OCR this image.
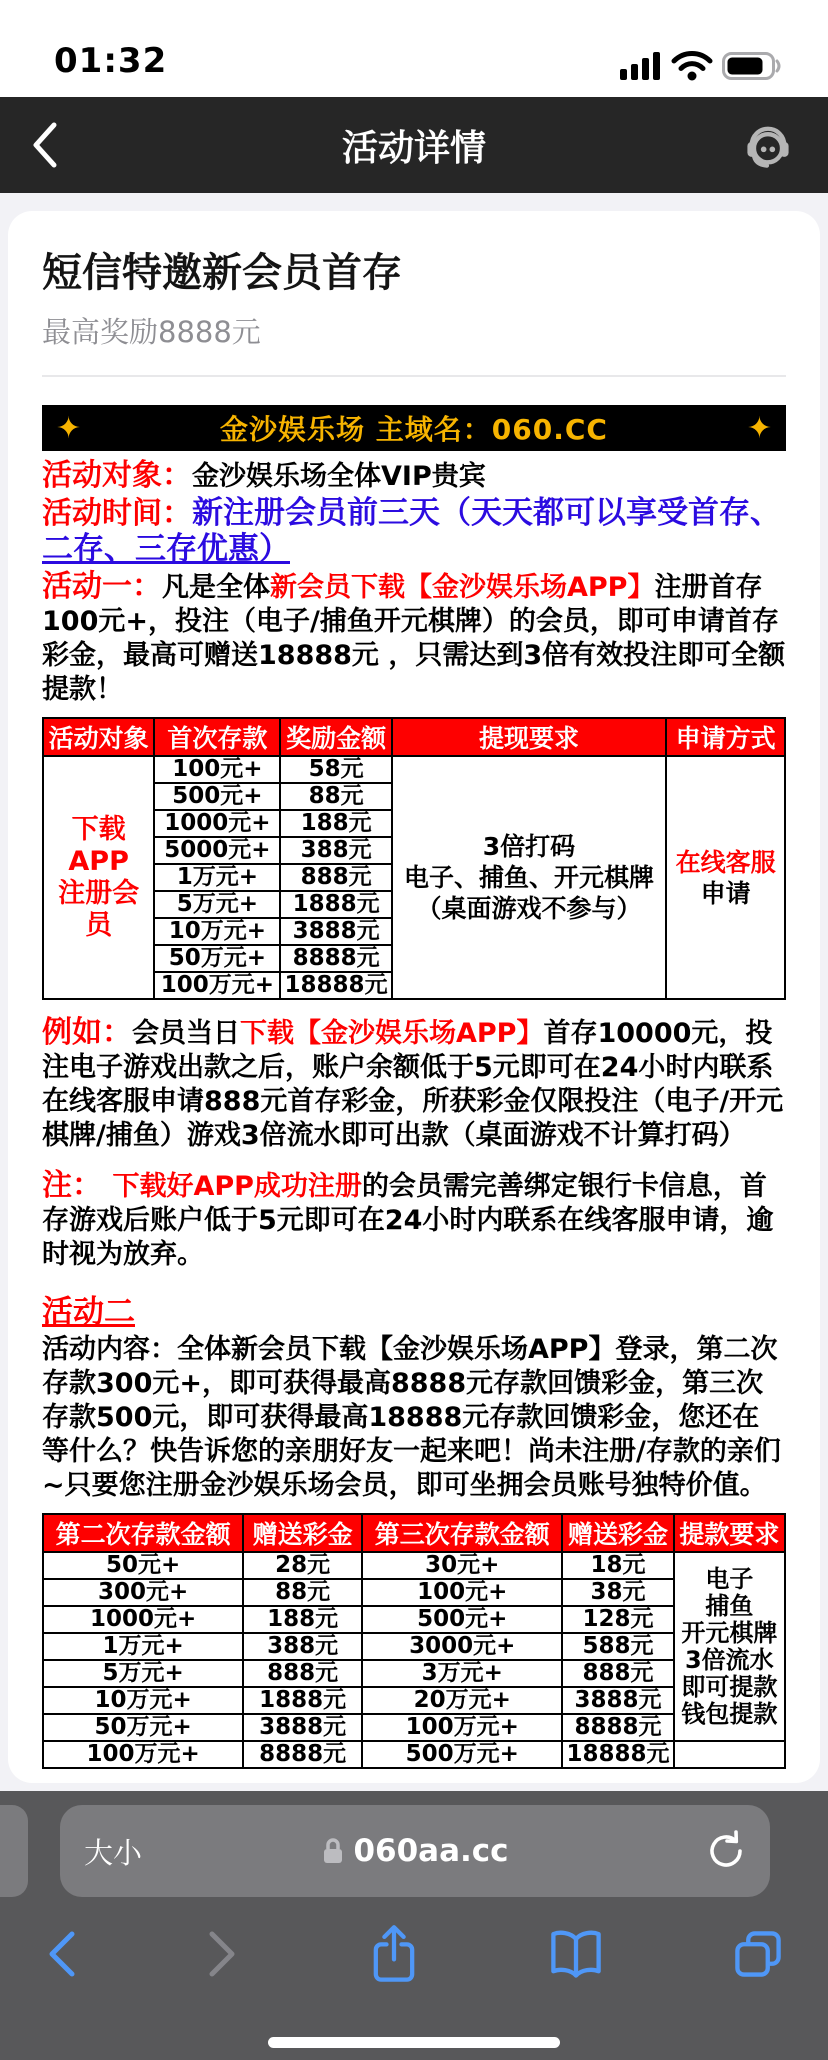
01:32
活动详情
短信特邀新会员首存
最高奖励8888元
✦	金沙娱乐场 主域名：060.CC	✦

活动对象：金沙娱乐场全体VIP贵宾

活动时间：新注册会员前三天（天天都可以享受首存、二存、三存优惠）

活动一：凡是全体新会员下载【金沙娱乐场APP】注册首存100元+，投注（电子/捕鱼开元棋牌）的会员，即可申请首存彩金，最高可赠送18888元 ，只需达到3倍有效投注即可全额提款！

活动对象	首次存款	奖励金额	提现要求	申请方式

下载APP
注册会员
	100元+	58元	
3倍打码
电子、捕鱼、开元棋牌
（桌面游戏不参与）

在线客服
申请

	500元+	88元		
	1000元+	188元		
	5000元+	388元		
	1万元+	888元		
	5万元+	1888元		
	10万元+	3888元		
	50万元+	8888元		
	100万元+	18888元		

例如：会员当日下载【金沙娱乐场APP】首存10000元，投注电子游戏出款之后，账户余额低于5元即可在24小时内联系在线客服申请888元首存彩金，所获彩金仅限投注（电子/开元棋牌/捕鱼）游戏3倍流水即可出款（桌面游戏不计算打码）

注： 下载好APP成功注册的会员需完善绑定银行卡信息，首存游戏后账户低于5元即可在24小时内联系在线客服申请，逾时视为放弃。

活动二

活动内容：全体新会员下载【金沙娱乐场APP】登录，第二次存款300元+，即可获得最高8888元存款回馈彩金，第三次存款500元，即可获得最高18888元存款回馈彩金，您还在等什么？快告诉您的亲朋好友一起来吧！尚未注册/存款的亲们~只要您注册金沙娱乐场会员，即可坐拥会员账号独特价值。

第二次存款金额	赠送彩金	第三次存款金额	赠送彩金	提款要求
50元+	28元	30元+	18元	电子
捕鱼
开元棋牌
3倍流水
即可提款
钱包提款

300元+	88元	100元+	38元	
1000元+	188元	500元+	128元	
1万元+	388元	3000元+	588元	
5万元+	888元	3万元+	888元	
10万元+	1888元	20万元+	3888元	
50万元+	3888元	100万元+	8888元	
100万元+	8888元	500万元+	18888元	
大小	060aa.cc
